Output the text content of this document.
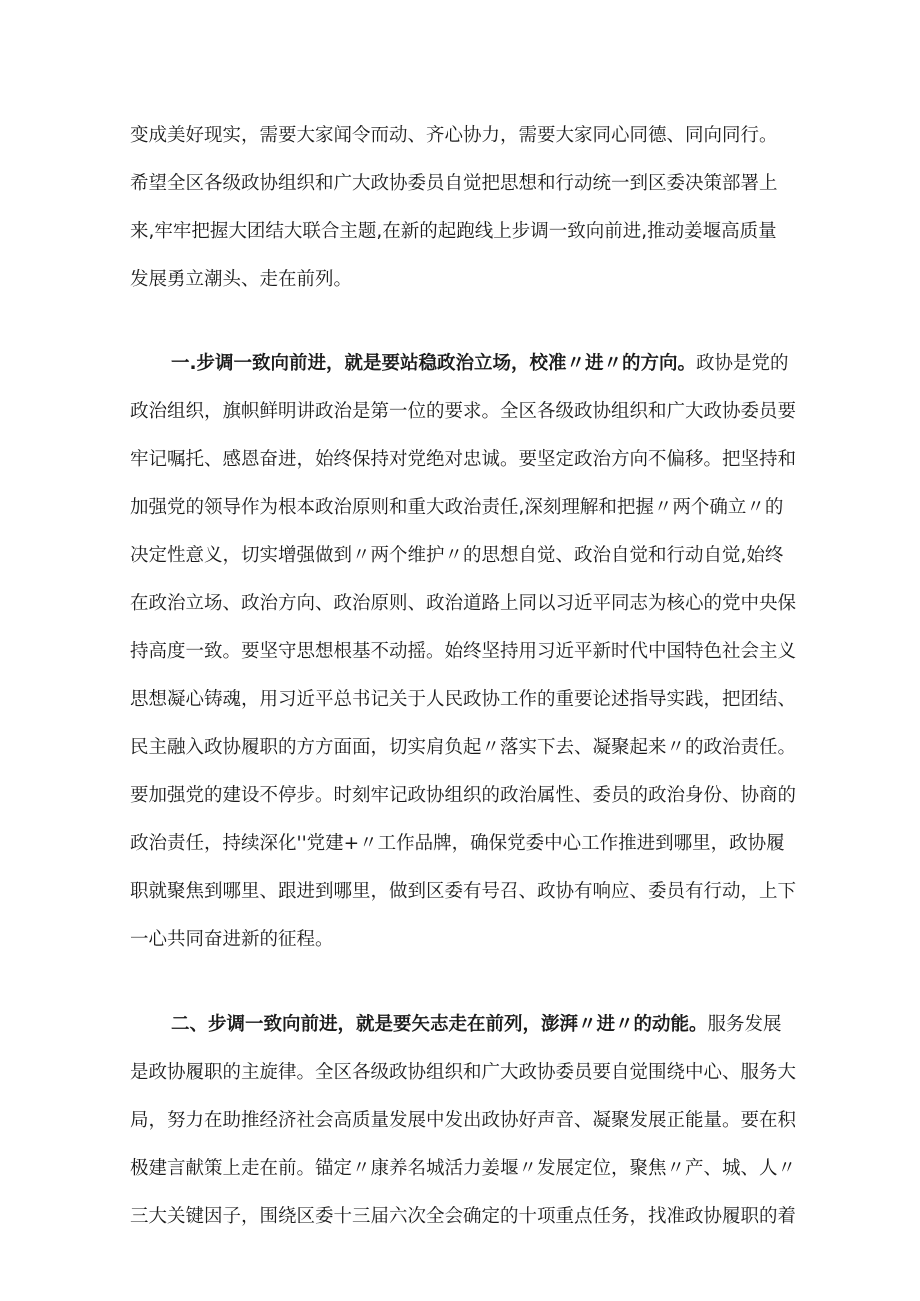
变成美好现实，需要大家闻令而动、齐心协力，需要大家同心同德、同向同行。
希望全区各级政协组织和广大政协委员自觉把思想和行动统一到区委决策部署上
来,牢牢把握大团结大联合主题,在新的起跑线上步调一致向前进,推动姜堰高质量
发展勇立潮头、走在前列。
一.步调一致向前进，就是要站稳政治立场，校准〃进〃的方向。政协是党的
政治组织，旗帜鲜明讲政治是第一位的要求。全区各级政协组织和广大政协委员要
牢记嘱托、感恩奋进，始终保持对党绝对忠诚。要坚定政治方向不偏移。把坚持和
加强党的领导作为根本政治原则和重大政治责任,深刻理解和把握〃两个确立〃的
决定性意义，切实增强做到〃两个维护〃的思想自觉、政治自觉和行动自觉,始终
在政治立场、政治方向、政治原则、政治道路上同以习近平同志为核心的党中央保
持高度一致。要坚守思想根基不动摇。始终坚持用习近平新时代中国特色社会主义
思想凝心铸魂，用习近平总书记关于人民政协工作的重要论述指导实践，把团结、
民主融入政协履职的方方面面，切实肩负起〃落实下去、凝聚起来〃的政治责任。
要加强党的建设不停步。时刻牢记政协组织的政治属性、委员的政治身份、协商的
政治责任，持续深化''党建+〃工作品牌，确保党委中心工作推进到哪里，政协履
职就聚焦到哪里、跟进到哪里，做到区委有号召、政协有响应、委员有行动，上下
一心共同奋进新的征程。
二、步调一致向前进，就是要矢志走在前列，澎湃〃进〃的动能。服务发展
是政协履职的主旋律。全区各级政协组织和广大政协委员要自觉围绕中心、服务大
局，努力在助推经济社会高质量发展中发出政协好声音、凝聚发展正能量。要在积
极建言献策上走在前。锚定〃康养名城活力姜堰〃发展定位，聚焦〃产、城、人〃
三大关键因子，围绕区委十三届六次全会确定的十项重点任务，找准政协履职的着
